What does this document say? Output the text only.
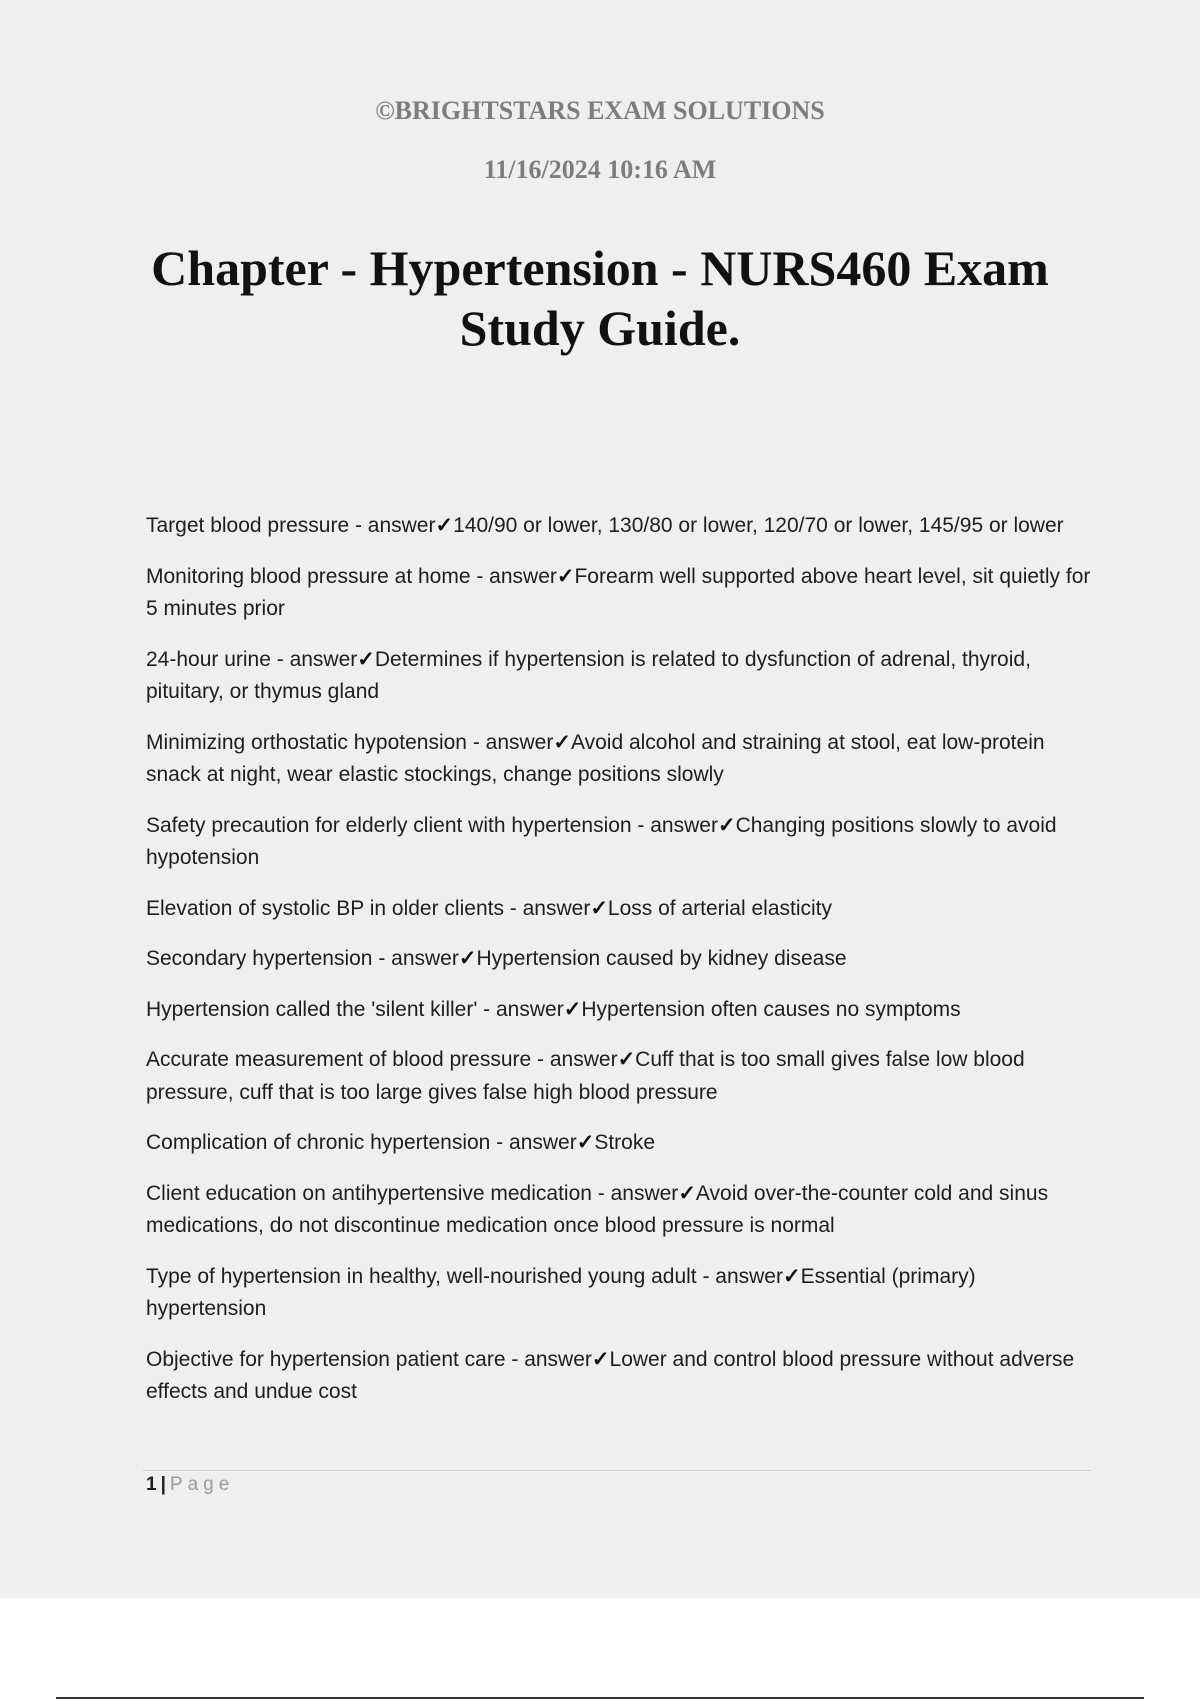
©BRIGHTSTARS EXAM SOLUTIONS
11/16/2024 10:16 AM
Chapter - Hypertension - NURS460 Exam
Study Guide.
Target blood pressure - answer✓140/90 or lower, 130/80 or lower, 120/70 or lower, 145/95 or lower
Monitoring blood pressure at home - answer✓Forearm well supported above heart level, sit quietly for 5 minutes prior
24-hour urine - answer✓Determines if hypertension is related to dysfunction of adrenal, thyroid, pituitary, or thymus gland
Minimizing orthostatic hypotension - answer✓Avoid alcohol and straining at stool, eat low-protein snack at night, wear elastic stockings, change positions slowly
Safety precaution for elderly client with hypertension - answer✓Changing positions slowly to avoid hypotension
Elevation of systolic BP in older clients - answer✓Loss of arterial elasticity
Secondary hypertension - answer✓Hypertension caused by kidney disease
Hypertension called the 'silent killer' - answer✓Hypertension often causes no symptoms
Accurate measurement of blood pressure - answer✓Cuff that is too small gives false low blood pressure, cuff that is too large gives false high blood pressure
Complication of chronic hypertension - answer✓Stroke
Client education on antihypertensive medication - answer✓Avoid over-the-counter cold and sinus medications, do not discontinue medication once blood pressure is normal
Type of hypertension in healthy, well-nourished young adult - answer✓Essential (primary) hypertension
Objective for hypertension patient care - answer✓Lower and control blood pressure without adverse effects and undue cost
1 | Page
